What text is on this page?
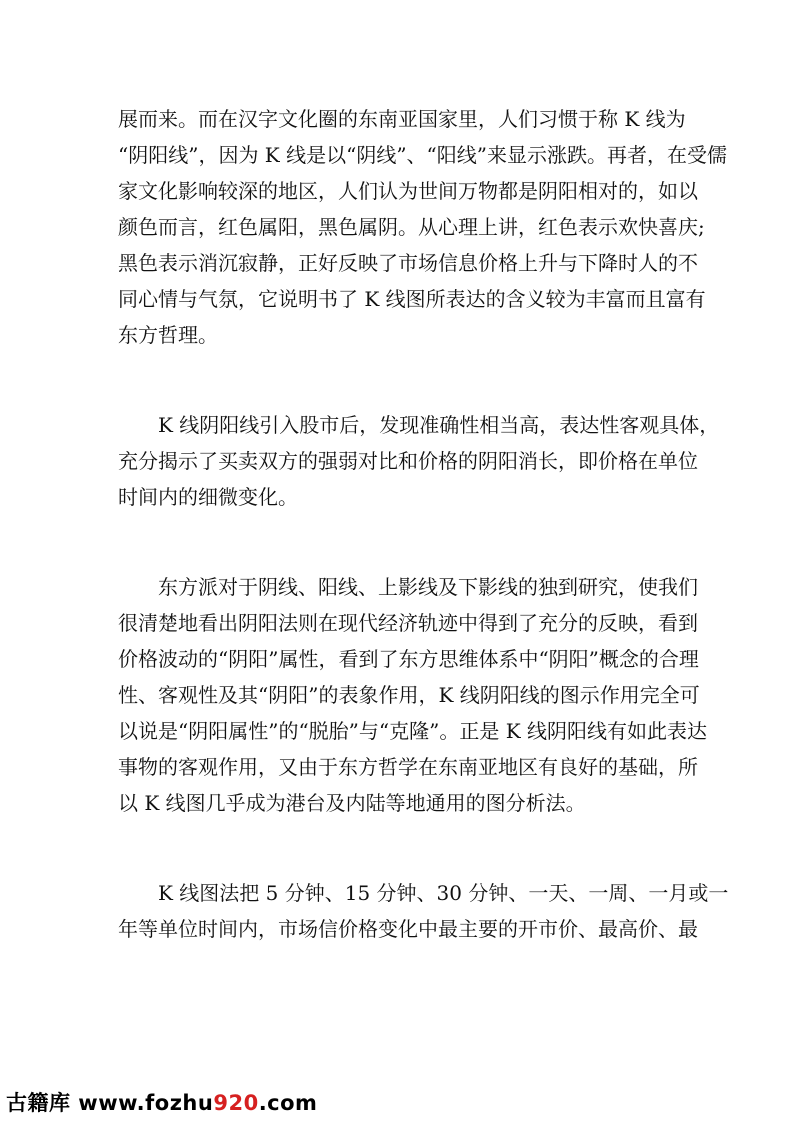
展而来。而在汉字文化圈的东南亚国家里，人们习惯于称 K 线为
“阴阳线”，因为 K 线是以“阴线”、“阳线”来显示涨跌。再者，在受儒
家文化影响较深的地区，人们认为世间万物都是阴阳相对的，如以
颜色而言，红色属阳，黑色属阴。从心理上讲，红色表示欢快喜庆;
黑色表示消沉寂静，正好反映了市场信息价格上升与下降时人的不
同心情与气氛，它说明书了 K 线图所表达的含义较为丰富而且富有
东方哲理。
　　K 线阴阳线引入股市后，发现准确性相当高，表达性客观具体，
充分揭示了买卖双方的强弱对比和价格的阴阳消长，即价格在单位
时间内的细微变化。
　　东方派对于阴线、阳线、上影线及下影线的独到研究，使我们
很清楚地看出阴阳法则在现代经济轨迹中得到了充分的反映，看到
价格波动的“阴阳”属性，看到了东方思维体系中“阴阳”概念的合理
性、客观性及其“阴阳”的表象作用，K 线阴阳线的图示作用完全可
以说是“阴阳属性”的“脱胎”与“克隆”。正是 K 线阴阳线有如此表达
事物的客观作用，又由于东方哲学在东南亚地区有良好的基础，所
以 K 线图几乎成为港台及内陆等地通用的图分析法。
　　K 线图法把 5 分钟、15 分钟、30 分钟、一天、一周、一月或一
年等单位时间内，市场信价格变化中最主要的开市价、最高价、最
古籍库 www.fozhu920.com
